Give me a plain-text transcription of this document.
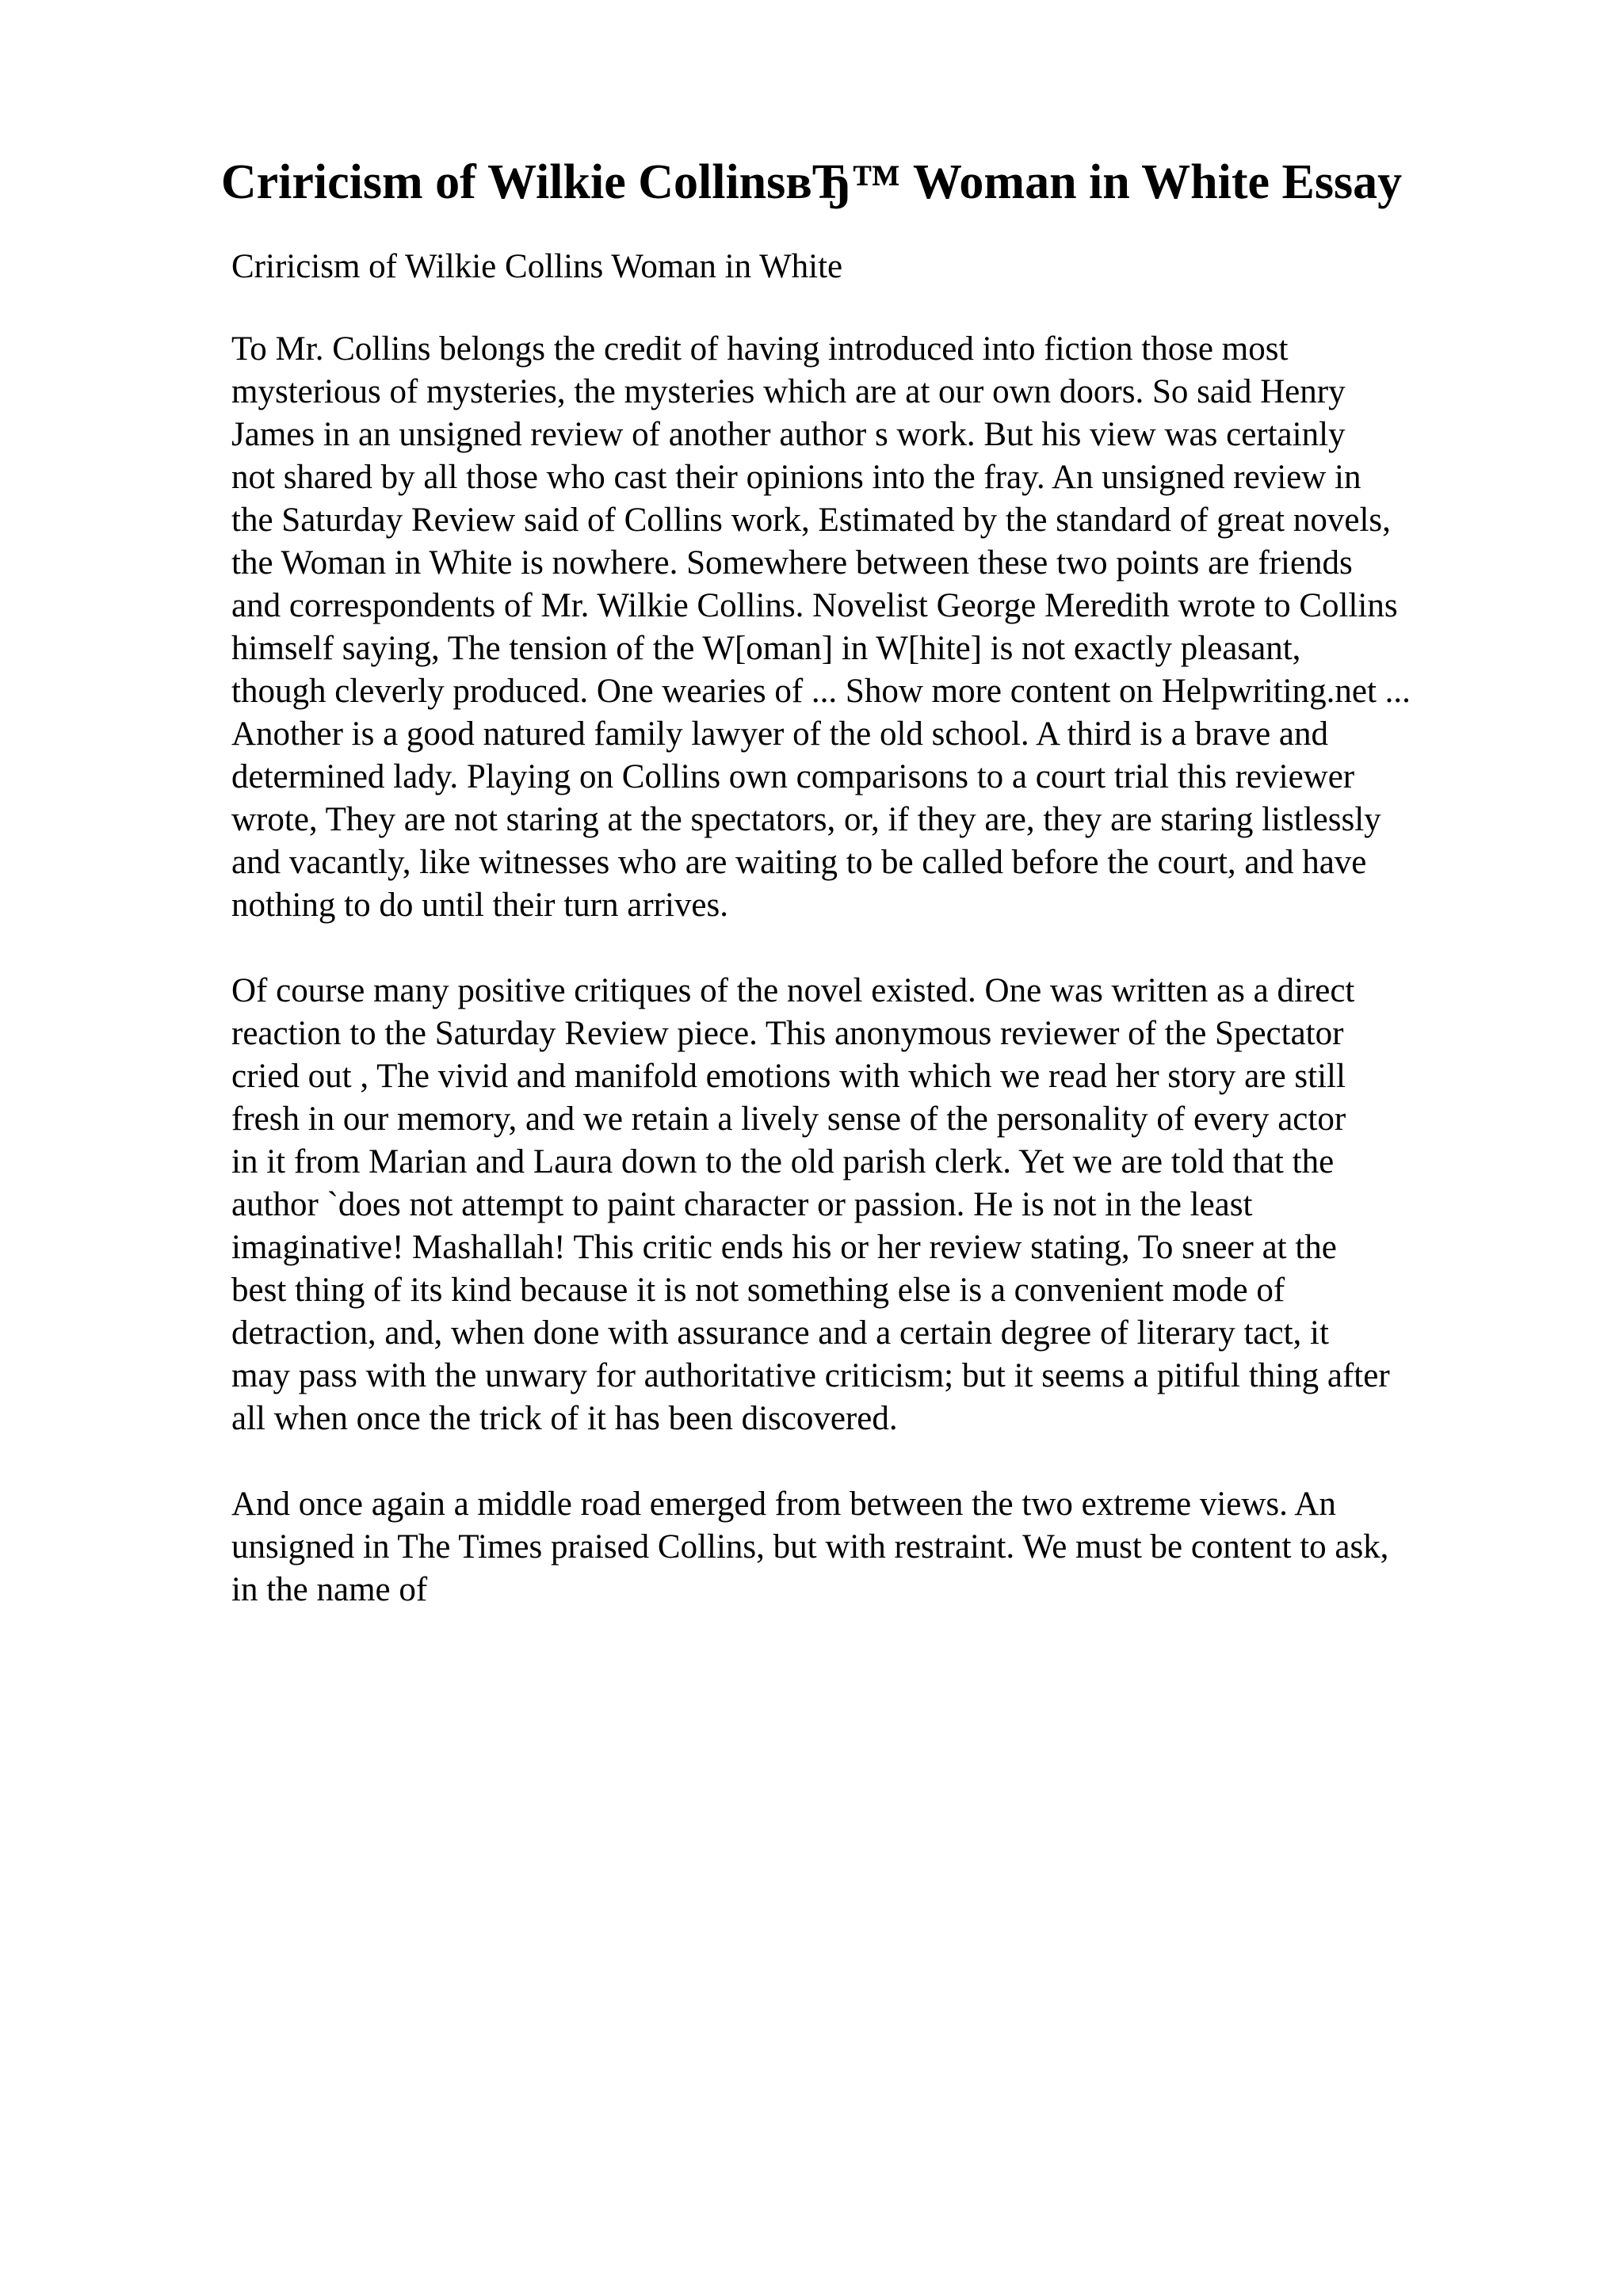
Criricism of Wilkie CollinsвЂ™ Woman in White Essay
Criricism of Wilkie Collins Woman in White
To Mr. Collins belongs the credit of having introduced into fiction those most
mysterious of mysteries, the mysteries which are at our own doors. So said Henry
James in an unsigned review of another author s work. But his view was certainly
not shared by all those who cast their opinions into the fray. An unsigned review in
the Saturday Review said of Collins work, Estimated by the standard of great novels,
the Woman in White is nowhere. Somewhere between these two points are friends
and correspondents of Mr. Wilkie Collins. Novelist George Meredith wrote to Collins
himself saying, The tension of the W[oman] in W[hite] is not exactly pleasant,
though cleverly produced. One wearies of ... Show more content on Helpwriting.net ...
Another is a good natured family lawyer of the old school. A third is a brave and
determined lady. Playing on Collins own comparisons to a court trial this reviewer
wrote, They are not staring at the spectators, or, if they are, they are staring listlessly
and vacantly, like witnesses who are waiting to be called before the court, and have
nothing to do until their turn arrives.
Of course many positive critiques of the novel existed. One was written as a direct
reaction to the Saturday Review piece. This anonymous reviewer of the Spectator
cried out , The vivid and manifold emotions with which we read her story are still
fresh in our memory, and we retain a lively sense of the personality of every actor
in it from Marian and Laura down to the old parish clerk. Yet we are told that the
author `does not attempt to paint character or passion. He is not in the least
imaginative! Mashallah! This critic ends his or her review stating, To sneer at the
best thing of its kind because it is not something else is a convenient mode of
detraction, and, when done with assurance and a certain degree of literary tact, it
may pass with the unwary for authoritative criticism; but it seems a pitiful thing after
all when once the trick of it has been discovered.
And once again a middle road emerged from between the two extreme views. An
unsigned in The Times praised Collins, but with restraint. We must be content to ask,
in the name of
